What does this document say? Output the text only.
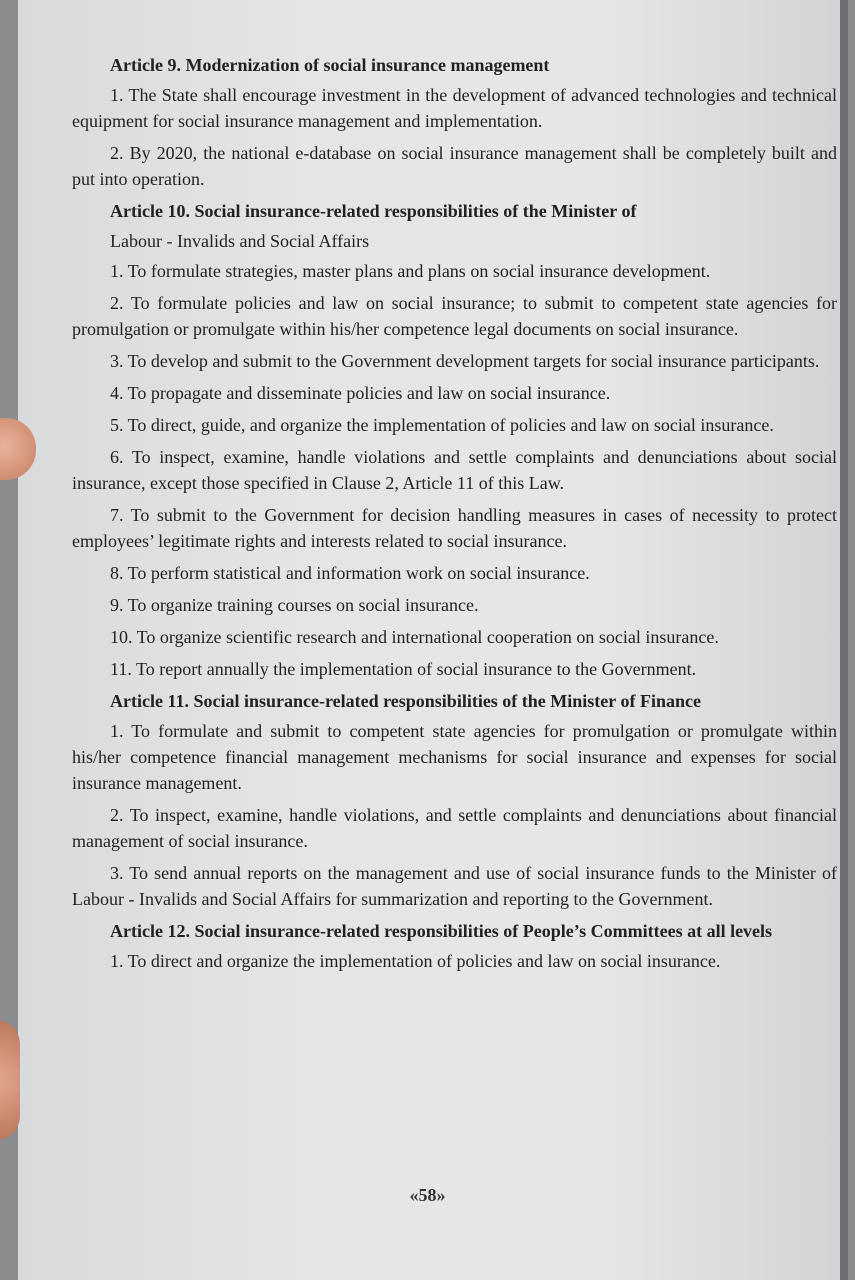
Article 9. Modernization of social insurance management

1. The State shall encourage investment in the development of advanced technologies and technical equipment for social insurance management and implementation.

2. By 2020, the national e-database on social insurance management shall be completely built and put into operation.

Article 10. Social insurance-related responsibilities of the Minister of

Labour - Invalids and Social Affairs

1. To formulate strategies, master plans and plans on social insurance development.

2. To formulate policies and law on social insurance; to submit to competent state agencies for promulgation or promulgate within his/her competence legal documents on social insurance.

3. To develop and submit to the Government development targets for social insurance participants.

4. To propagate and disseminate policies and law on social insurance.

5. To direct, guide, and organize the implementation of policies and law on social insurance.

6. To inspect, examine, handle violations and settle complaints and denunciations about social insurance, except those specified in Clause 2, Article 11 of this Law.

7. To submit to the Government for decision handling measures in cases of necessity to protect employees’ legitimate rights and interests related to social insurance.

8. To perform statistical and information work on social insurance.

9. To organize training courses on social insurance.

10. To organize scientific research and international cooperation on social insurance.

11. To report annually the implementation of social insurance to the Government.

Article 11. Social insurance-related responsibilities of the Minister of Finance

1. To formulate and submit to competent state agencies for promulgation or promulgate within his/her competence financial management mechanisms for social insurance and expenses for social insurance management.

2. To inspect, examine, handle violations, and settle complaints and denunciations about financial management of social insurance.

3. To send annual reports on the management and use of social insurance funds to the Minister of Labour - Invalids and Social Affairs for summarization and reporting to the Government.

Article 12. Social insurance-related responsibilities of People’s Committees at all levels

1. To direct and organize the implementation of policies and law on social insurance.

«58»
